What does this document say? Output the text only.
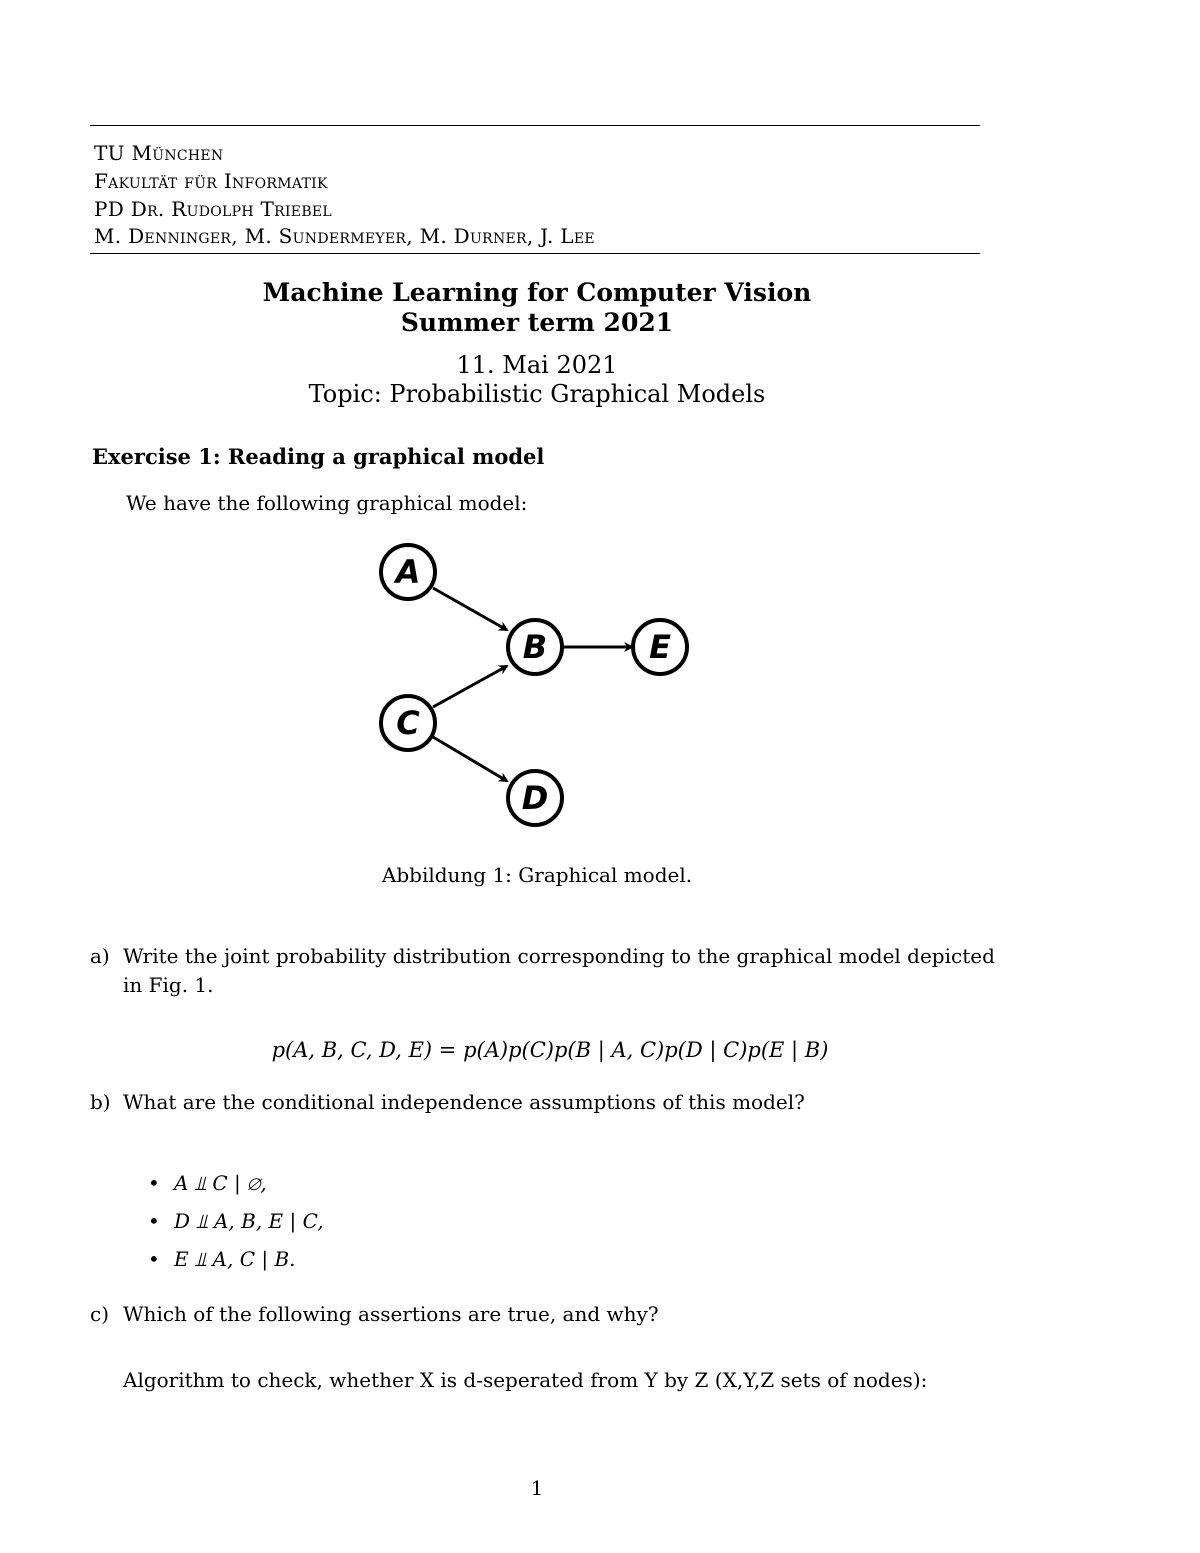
TU München
Fakultät für Informatik
PD Dr. Rudolph Triebel
M. Denninger, M. Sundermeyer, M. Durner, J. Lee
Machine Learning for Computer Vision
Summer term 2021
11. Mai 2021
Topic: Probabilistic Graphical Models
Exercise 1: Reading a graphical model
We have the following graphical model:
A
B
C
D
E
Abbildung 1: Graphical model.
a) Write the joint probability distribution corresponding to the graphical model depicted
in Fig. 1.
p(A, B, C, D, E) = p(A)p(C)p(B | A, C)p(D | C)p(E | B)
b) What are the conditional independence assumptions of this model?
• A ⫫ C | ∅,
• D ⫫ A, B, E | C,
• E ⫫ A, C | B.
c) Which of the following assertions are true, and why?
Algorithm to check, whether X is d-seperated from Y by Z (X,Y,Z sets of nodes):
1
